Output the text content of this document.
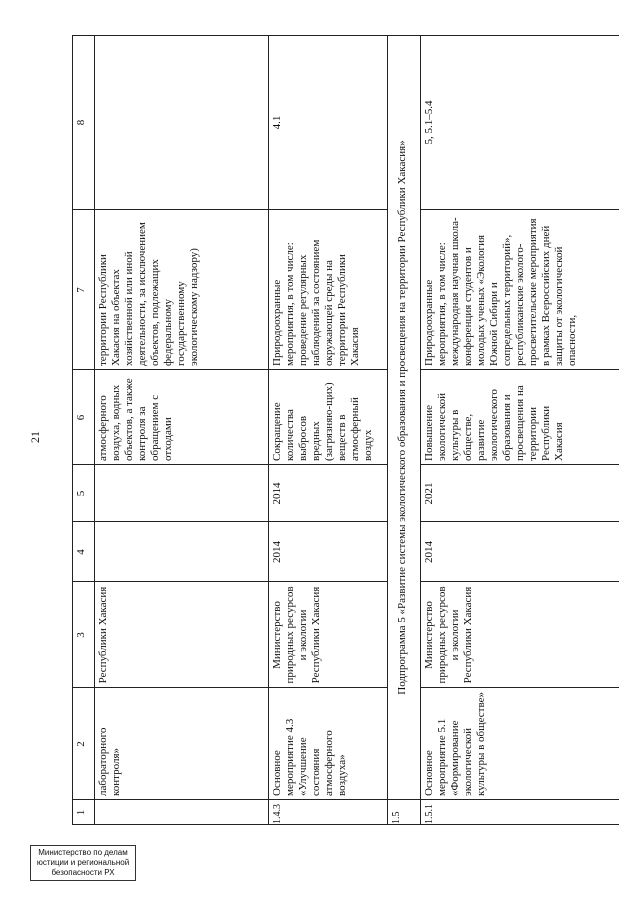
21
Министерство по делам
юстиции и региональной
безопасности РХ
1
2
3
4
5
6
7
8
лабораторного контроля»
Республики Хакасия
атмосферного воздуха, водных объектов, а также контроля за обращением с отходами
территории Республики Хакасия на объектах хозяйственной или иной деятельности, за исключением объектов, подлежащих федеральному государственному экологическому надзору)
1.4.3
Основное мероприятие 4.3 «Улучшение состояния атмосферного воздуха»
Министерство природных ресурсов и экологии Республики Хакасия
2014
2014
Сокращение количества выбросов вредных (загрязняю-щих) веществ в атмосферный воздух
Природоохранные мероприятия, в том числе: проведение регулярных наблюдений за состоянием окружающей среды на территории Республики Хакасия
4.1
1.5
Подпрограмма 5 «Развитие системы экологического образования и просвещения на территории Республики Хакасия»
1.5.1
Основное мероприятие 5.1 «Формирование экологической культуры в обществе»
Министерство природных ресурсов и экологии Республики Хакасия
2014
2021
Повышение экологической культуры в обществе, развитие экологического образования и просвещения на территории Республики Хакасия
Природоохранные мероприятия, в том числе: международная научная школа-конференция студентов и молодых ученых «Экология Южной Сибири и сопредельных территорий», республиканские эколого-просветительские мероприятия в рамках Всероссийских дней защиты от экологической опасности,
5, 5.1–5.4
